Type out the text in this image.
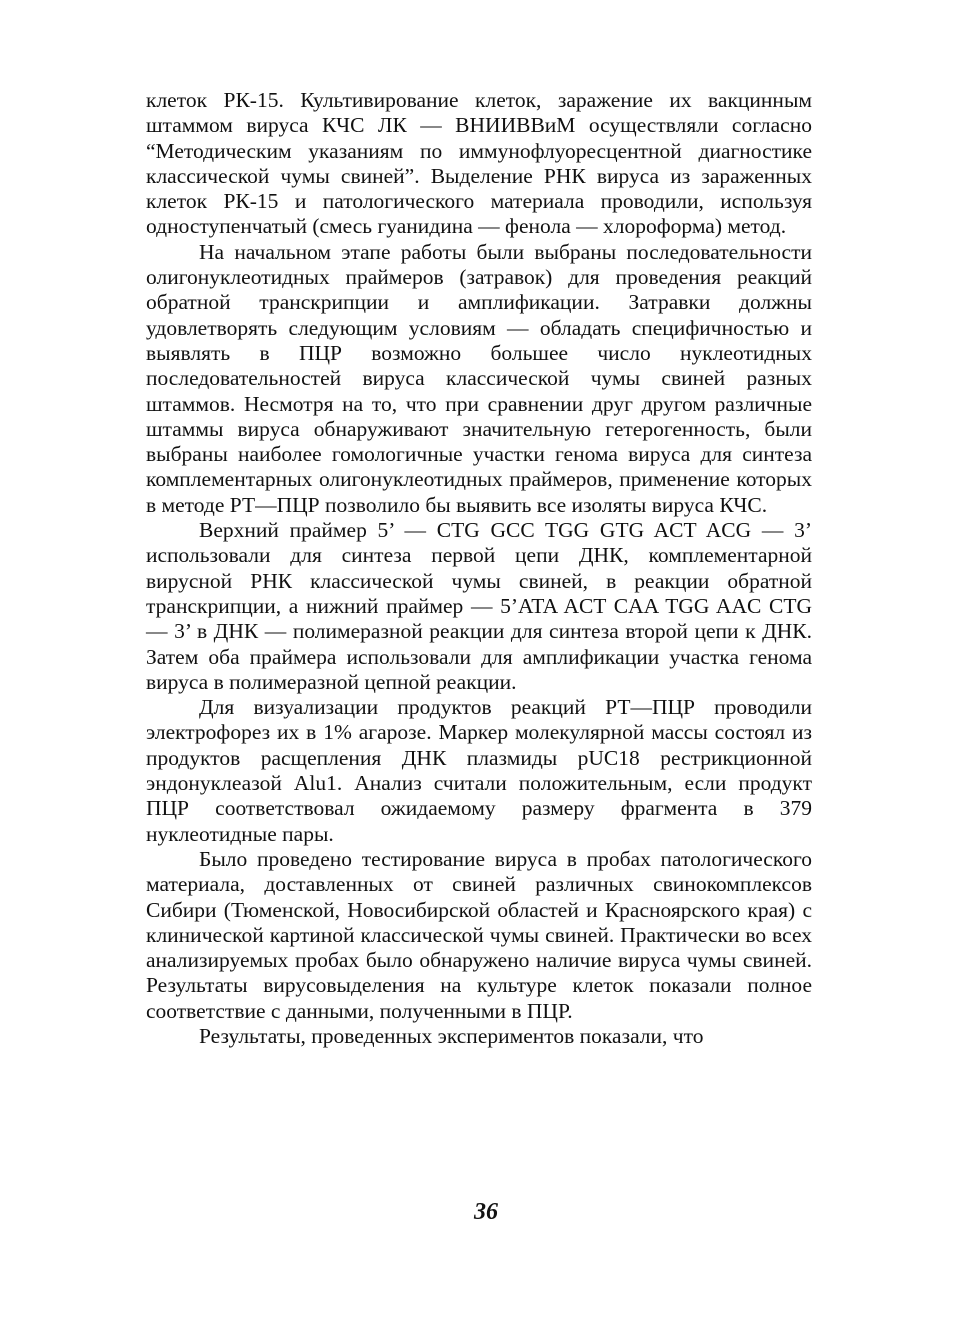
клеток РК-15. Культивирование клеток, заражение их вакцинным штаммом вируса КЧС ЛК — ВНИИВВиМ осуществляли согласно “Методическим указаниям по иммунофлуоресцентной диагностике классической чумы свиней”. Выделение РНК вируса из зараженных клеток РК-15 и патологического материала проводили, используя одноступенчатый (смесь гуанидина — фенола — хлороформа) метод.

На начальном этапе работы были выбраны последовательности олигонуклеотидных праймеров (затравок) для проведения реакций обратной транскрипции и амплификации. Затравки должны удовлетворять следующим условиям — обладать специфичностью и выявлять в ПЦР возможно большее число нуклеотидных последовательностей вируса классической чумы свиней разных штаммов. Несмотря на то, что при сравнении друг другом различные штаммы вируса обнаруживают значительную гетерогенность, были выбраны наиболее гомологичные участки генома вируса для синтеза комплементарных олигонуклеотидных праймеров, применение которых в методе РТ—ПЦР позволило бы выявить все изоляты вируса КЧС.

Верхний праймер 5’ — CTG GCC TGG GTG ACT ACG — 3’ использовали для синтеза первой цепи ДНК, комплементарной вирусной РНК классической чумы свиней, в реакции обратной транскрипции, а нижний праймер — 5’ATA ACT CAA TGG AAC CTG — 3’ в ДНК — полимеразной реакции для синтеза второй цепи к ДНК. Затем оба праймера использовали для амплификации участка генома вируса в полимеразной цепной реакции.

Для визуализации продуктов реакций РТ—ПЦР проводили электрофорез их в 1% агарозе. Маркер молекулярной массы состоял из продуктов расщепления ДНК плазмиды pUC18 рестрикционной эндонуклеазой Alu1. Анализ считали положительным, если продукт ПЦР соответствовал ожидаемому размеру фрагмента в 379 нуклеотидные пары.

Было проведено тестирование вируса в пробах патологического материала, доставленных от свиней различных свинокомплексов Сибири (Тюменской, Новосибирской областей и Красноярского края) с клинической картиной классической чумы свиней. Практически во всех анализируемых пробах было обнаружено наличие вируса чумы свиней. Результаты вирусовыделения на культуре клеток показали полное соответствие с данными, полученными в ПЦР.

Результаты, проведенных экспериментов показали, что

36
